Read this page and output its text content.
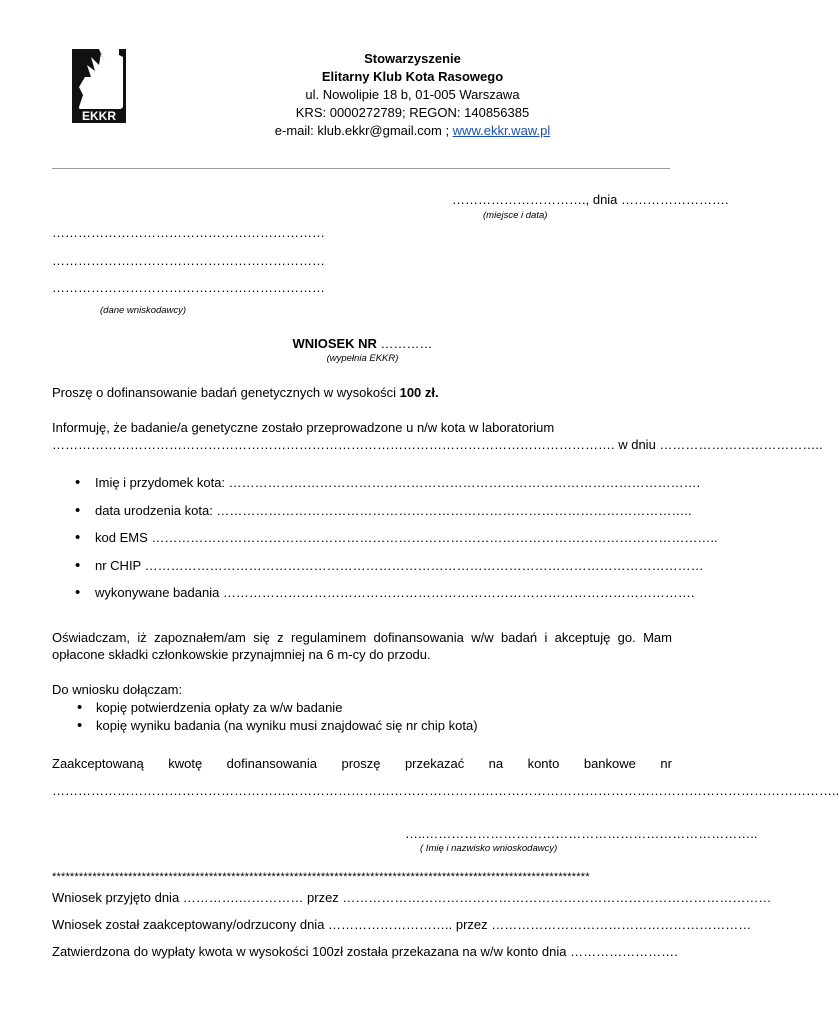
EKKR
Stowarzyszenie
Elitarny Klub Kota Rasowego
ul. Nowolipie 18 b, 01-005 Warszawa
KRS: 0000272789; REGON: 140856385
e-mail: klub.ekkr@gmail.com ; www.ekkr.waw.pl
…………………………., dnia …………………….
(miejsce i data)
………………………………………………………
………………………………………………………
………………………………………………………
(dane wniskodawcy)
WNIOSEK NR …………
(wypełnia EKKR)
Proszę o dofinansowanie badań genetycznych w wysokości 100 zł.
Informuję, że badanie/a genetyczne zostało przeprowadzone u n/w kota w laboratorium
…………………………………………………………………………………………………………………. w dniu ………………………………..
• Imię i przydomek kota: ……………………………………………………………………………………………….
• data urodzenia kota: ………………………………………………………………………………………………..
• kod EMS …………………………………………………………………………………………………………………..
• nr CHIP …………………………………………………………………………………………………………………
• wykonywane badania ……………………………………………………………………………………………….
Oświadczam, iż zapoznałem/am się z regulaminem dofinansowania w/w badań i akceptuję go. Mam opłacone składki członkowskie przynajmniej na 6 m-cy do przodu.
Do wniosku dołączam:
• kopię potwierdzenia opłaty za w/w badanie
• kopię wyniku badania (na wyniku musi znajdować się nr chip kota)
Zaakceptowaną kwotę dofinansowania proszę przekazać na konto bankowe nr
………………………………………………………………………………………………………………………………………………………………..
…..…………………………………………………………………..
( Imię i nazwisko wnioskodawcy)
************************************************************************************************************************
Wniosek przyjęto dnia ………….…………… przez ………………………………………………………………………………………
Wniosek został zaakceptowany/odrzucony dnia ……………………….. przez ……………………………………………………
Zatwierdzona do wypłaty kwota w wysokości 100zł została przekazana na w/w konto dnia …………………….
